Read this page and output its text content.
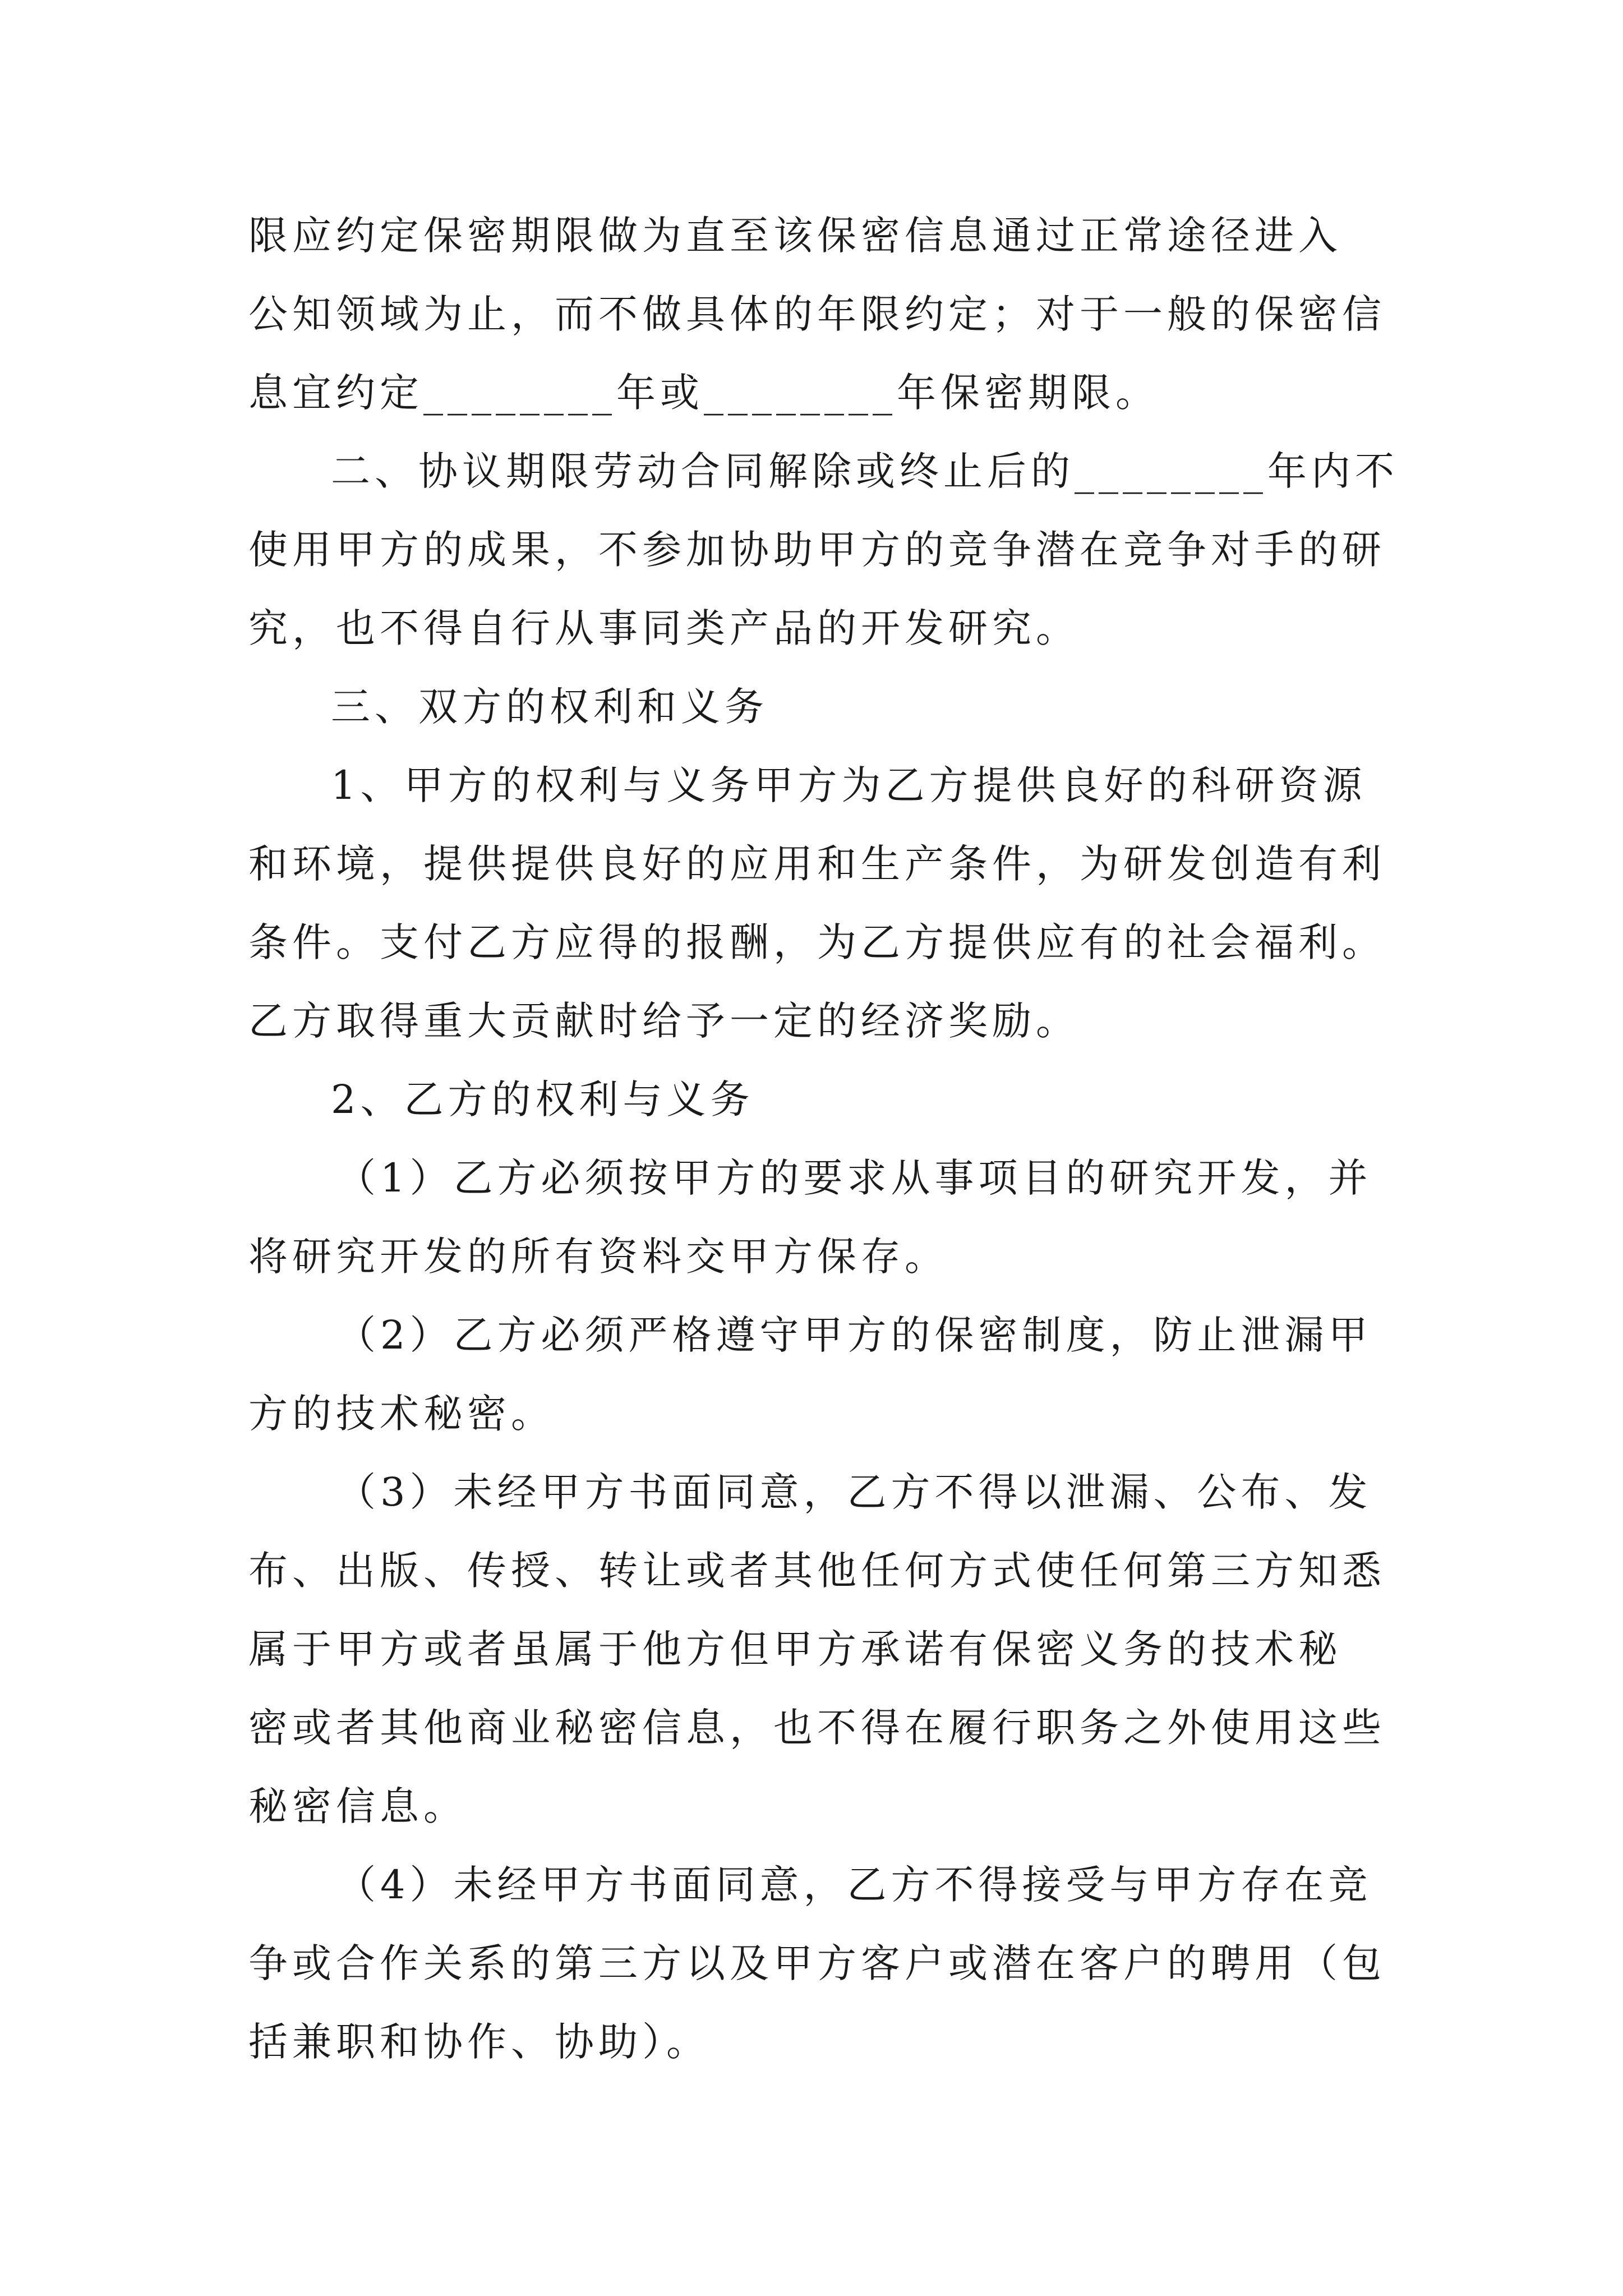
限应约定保密期限做为直至该保密信息通过正常途径进入

公知领域为止，而不做具体的年限约定；对于一般的保密信

息宜约定________年或________年保密期限。

二、协议期限劳动合同解除或终止后的________年内不

使用甲方的成果，不参加协助甲方的竞争潜在竞争对手的研

究，也不得自行从事同类产品的开发研究。

三、双方的权利和义务

1、甲方的权利与义务甲方为乙方提供良好的科研资源

和环境，提供提供良好的应用和生产条件，为研发创造有利

条件。支付乙方应得的报酬，为乙方提供应有的社会福利。

乙方取得重大贡献时给予一定的经济奖励。

2、乙方的权利与义务

（1）乙方必须按甲方的要求从事项目的研究开发，并

将研究开发的所有资料交甲方保存。

（2）乙方必须严格遵守甲方的保密制度，防止泄漏甲

方的技术秘密。

（3）未经甲方书面同意，乙方不得以泄漏、公布、发

布、出版、传授、转让或者其他任何方式使任何第三方知悉

属于甲方或者虽属于他方但甲方承诺有保密义务的技术秘

密或者其他商业秘密信息，也不得在履行职务之外使用这些

秘密信息。

（4）未经甲方书面同意，乙方不得接受与甲方存在竞

争或合作关系的第三方以及甲方客户或潜在客户的聘用（包

括兼职和协作、协助）。
